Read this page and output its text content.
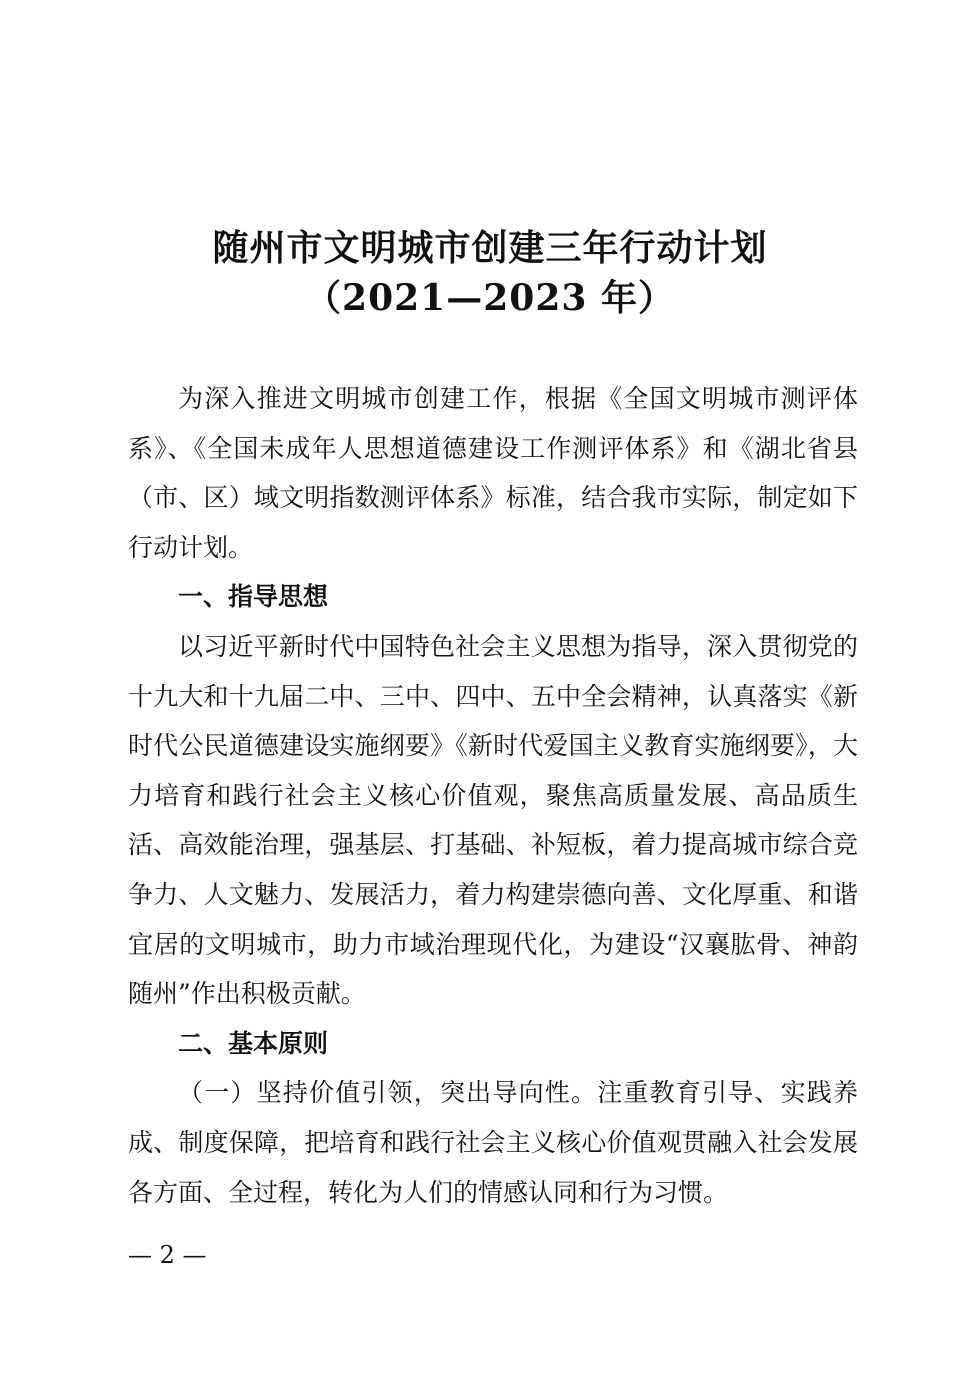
随州市文明城市创建三年行动计划
（2021—2023 年）

为深入推进文明城市创建工作，根据《全国文明城市测评体系》、《全国未成年人思想道德建设工作测评体系》和《湖北省县（市、区）域文明指数测评体系》标准，结合我市实际，制定如下行动计划。

一、指导思想

以习近平新时代中国特色社会主义思想为指导，深入贯彻党的十九大和十九届二中、三中、四中、五中全会精神，认真落实《新时代公民道德建设实施纲要》《新时代爱国主义教育实施纲要》，大力培育和践行社会主义核心价值观，聚焦高质量发展、高品质生活、高效能治理，强基层、打基础、补短板，着力提高城市综合竞争力、人文魅力、发展活力，着力构建崇德向善、文化厚重、和谐宜居的文明城市，助力市域治理现代化，为建设“汉襄肱骨、神韵随州”作出积极贡献。

二、基本原则

（一）坚持价值引领，突出导向性。注重教育引导、实践养成、制度保障，把培育和践行社会主义核心价值观贯融入社会发展各方面、全过程，转化为人们的情感认同和行为习惯。

— 2 —
